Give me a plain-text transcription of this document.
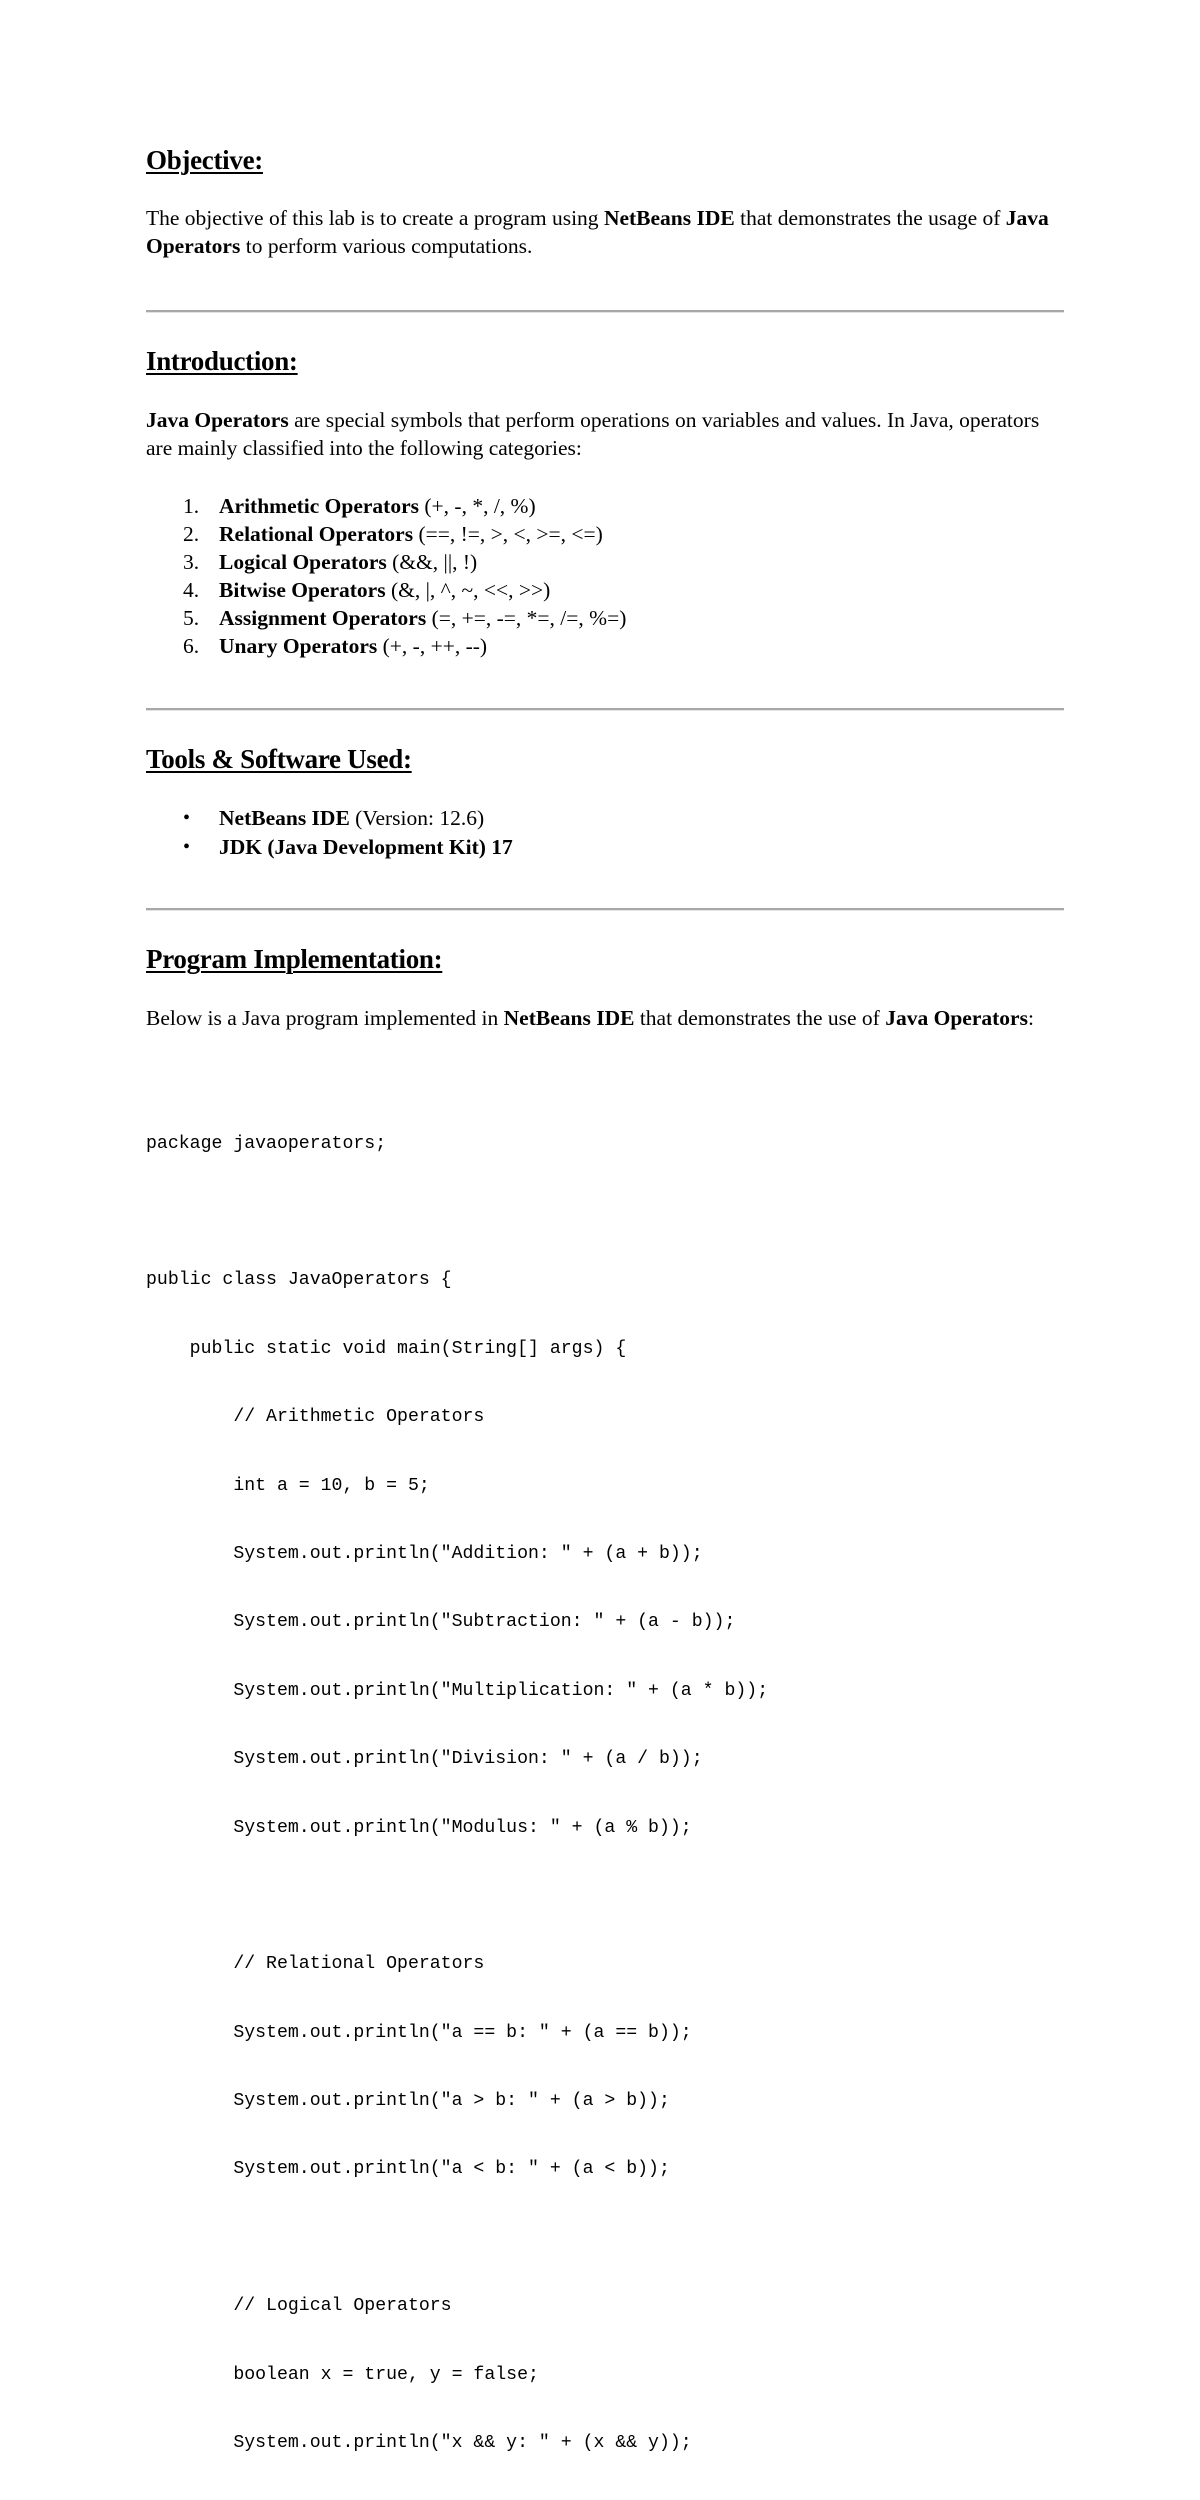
Objective:

The objective of this lab is to create a program using NetBeans IDE that demonstrates the usage of Java Operators to perform various computations.

Introduction:

Java Operators are special symbols that perform operations on variables and values. In Java, operators are mainly classified into the following categories:

1. Arithmetic Operators (+, -, *, /, %)
2. Relational Operators (==, !=, >, <, >=, <=)
3. Logical Operators (&&, ||, !)
4. Bitwise Operators (&, |, ^, ~, <<, >>)
5. Assignment Operators (=, +=, -=, *=, /=, %=)
6. Unary Operators (+, -, ++, --)
Tools & Software Used:
• NetBeans IDE (Version: 12.6)
• JDK (Java Development Kit) 17
Program Implementation:

Below is a Java program implemented in NetBeans IDE that demonstrates the use of Java Operators:

package javaoperators;

public class JavaOperators {

public static void main(String[] args) {

// Arithmetic Operators

int a = 10, b = 5;

System.out.println("Addition: " + (a + b));

System.out.println("Subtraction: " + (a - b));

System.out.println("Multiplication: " + (a * b));

System.out.println("Division: " + (a / b));

System.out.println("Modulus: " + (a % b));

// Relational Operators

System.out.println("a == b: " + (a == b));

System.out.println("a > b: " + (a > b));

System.out.println("a < b: " + (a < b));

// Logical Operators

boolean x = true, y = false;

System.out.println("x && y: " + (x && y));
